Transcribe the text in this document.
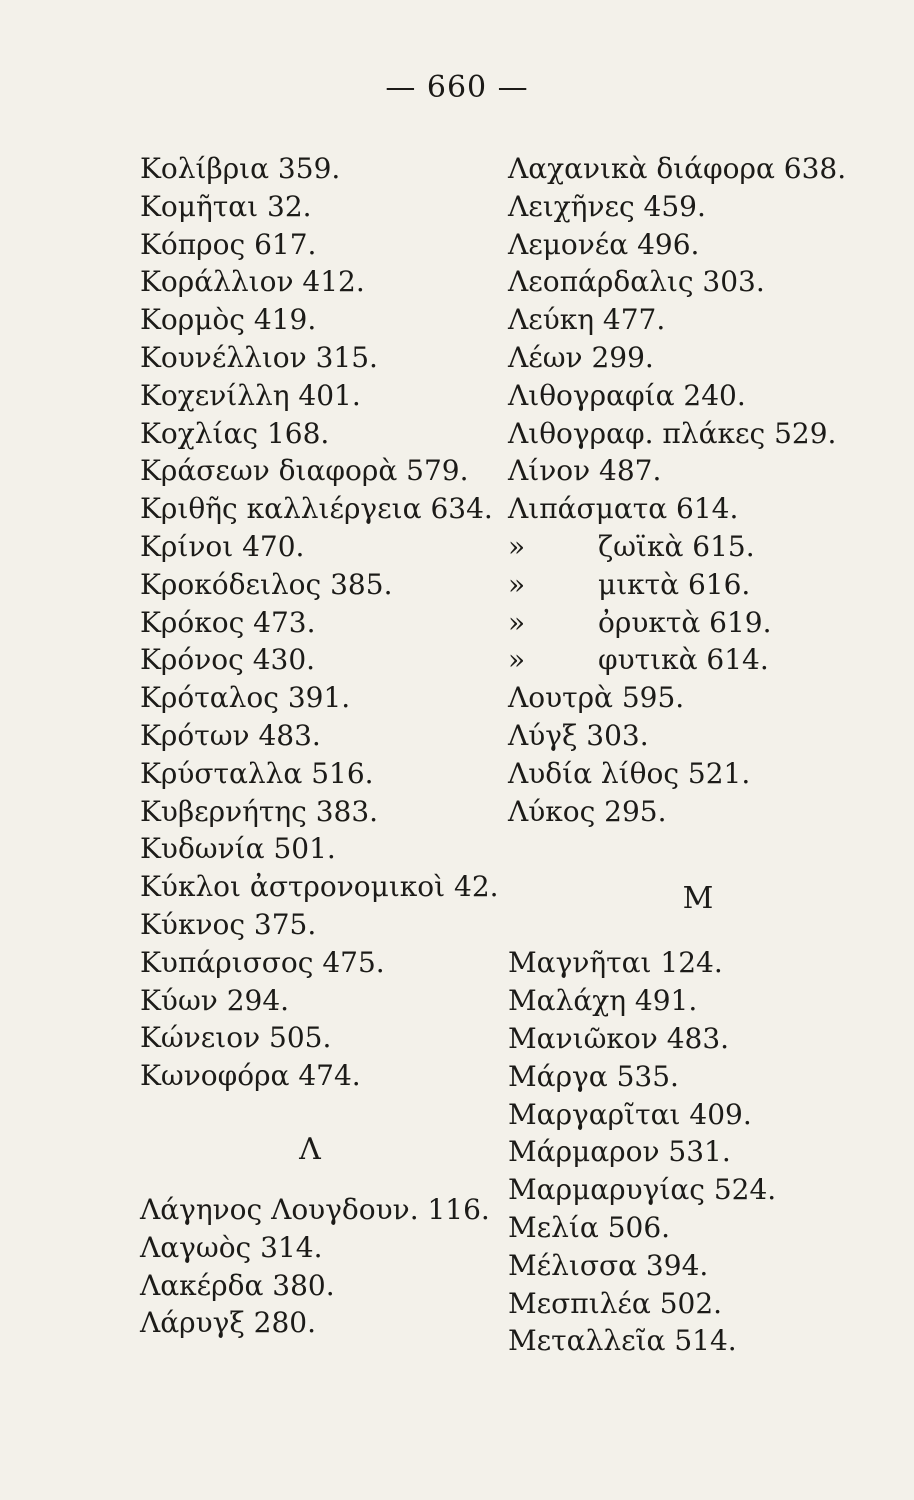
— 660 —
Κολίβρια 359.
Κομῆται 32.
Κόπρος 617.
Κοράλλιον 412.
Κορμὸς 419.
Κουνέλλιον 315.
Κοχενίλλη 401.
Κοχλίας 168.
Κράσεων διαφορὰ 579.
Κριθῆς καλλιέργεια 634.
Κρίνοι 470.
Κροκόδειλος 385.
Κρόκος 473.
Κρόνος 430.
Κρόταλος 391.
Κρότων 483.
Κρύσταλλα 516.
Κυβερνήτης 383.
Κυδωνία 501.
Κύκλοι ἀστρονομικοὶ 42.
Κύκνος 375.
Κυπάρισσος 475.
Κύων 294.
Κώνειον 505.
Κωνοφόρα 474.
Λ
Λάγηνος Λουγδουν. 116.
Λαγωὸς 314.
Λακέρδα 380.
Λάρυγξ 280.
Λαχανικὰ διάφορα 638.
Λειχῆνες 459.
Λεμονέα 496.
Λεοπάρδαλις 303.
Λεύκη 477.
Λέων 299.
Λιθογραφία 240.
Λιθογραφ. πλάκες 529.
Λίνον 487.
Λιπάσματα 614.
»	ζωϊκὰ 615.
»	μικτὰ 616.
»	ὀρυκτὰ 619.
»	φυτικὰ 614.
Λουτρὰ 595.
Λύγξ 303.
Λυδία λίθος 521.
Λύκος 295.
Μ
Μαγνῆται 124.
Μαλάχη 491.
Μανιῶκον 483.
Μάργα 535.
Μαργαρῖται 409.
Μάρμαρον 531.
Μαρμαρυγίας 524.
Μελία 506.
Μέλισσα 394.
Μεσπιλέα 502.
Μεταλλεῖα 514.
